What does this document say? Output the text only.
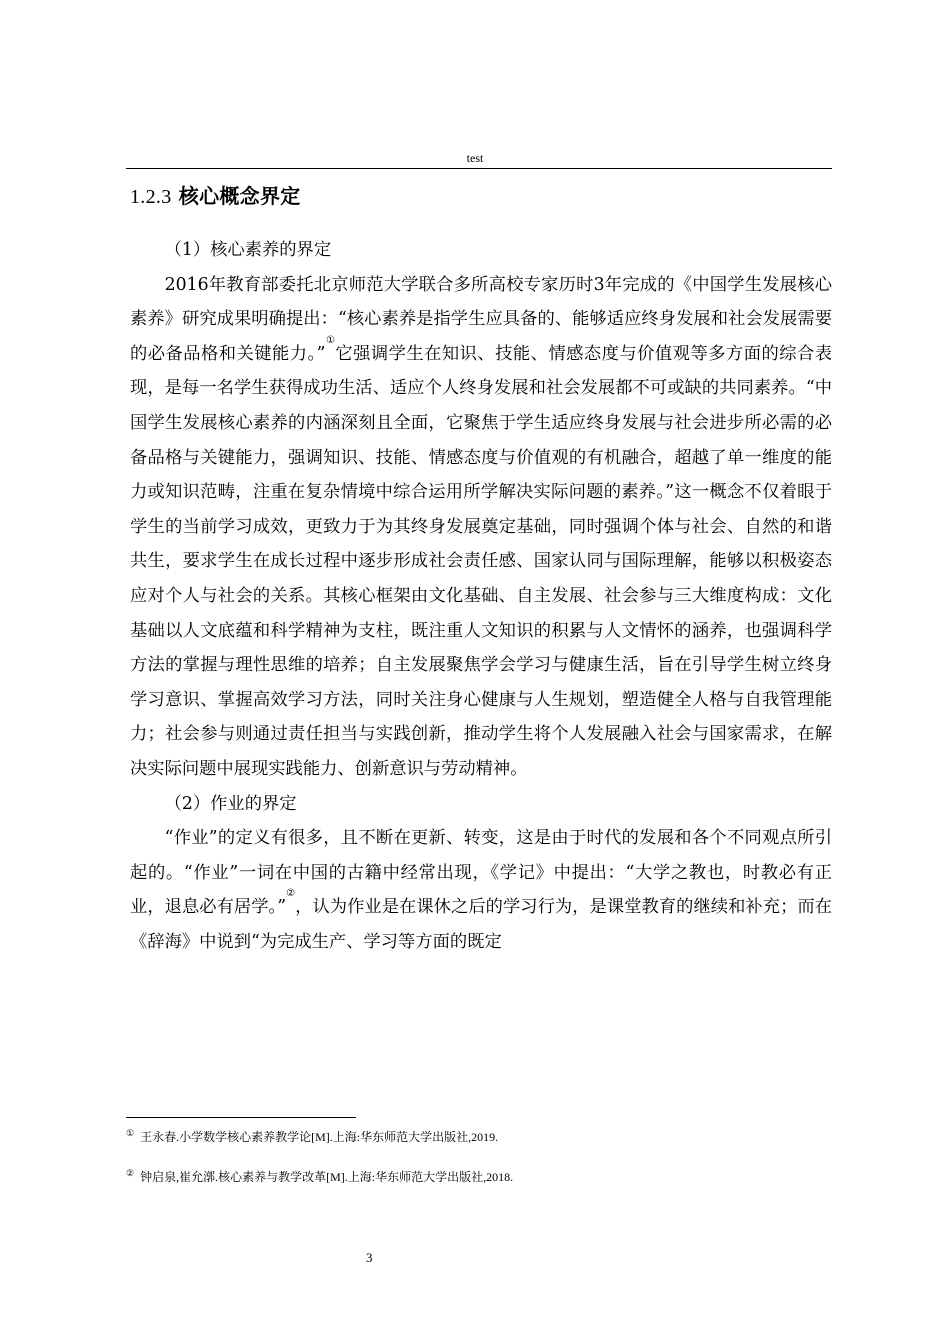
test
1.2.3 核心概念界定

（1）核心素养的界定

2016年教育部委托北京师范大学联合多所高校专家历时3年完成的《中国学生发展核心素养》研究成果明确提出：“核心素养是指学生应具备的、能够适应终身发展和社会发展需要的必备品格和关键能力。”①它强调学生在知识、技能、情感态度与价值观等多方面的综合表现，是每一名学生获得成功生活、适应个人终身发展和社会发展都不可或缺的共同素养。“中国学生发展核心素养的内涵深刻且全面，它聚焦于学生适应终身发展与社会进步所必需的必备品格与关键能力，强调知识、技能、情感态度与价值观的有机融合，超越了单一维度的能力或知识范畴，注重在复杂情境中综合运用所学解决实际问题的素养。”这一概念不仅着眼于学生的当前学习成效，更致力于为其终身发展奠定基础，同时强调个体与社会、自然的和谐共生，要求学生在成长过程中逐步形成社会责任感、国家认同与国际理解，能够以积极姿态应对个人与社会的关系。其核心框架由文化基础、自主发展、社会参与三大维度构成：文化基础以人文底蕴和科学精神为支柱，既注重人文知识的积累与人文情怀的涵养，也强调科学方法的掌握与理性思维的培养；自主发展聚焦学会学习与健康生活，旨在引导学生树立终身学习意识、掌握高效学习方法，同时关注身心健康与人生规划，塑造健全人格与自我管理能力；社会参与则通过责任担当与实践创新，推动学生将个人发展融入社会与国家需求，在解决实际问题中展现实践能力、创新意识与劳动精神。

（2）作业的界定

“作业”的定义有很多，且不断在更新、转变，这是由于时代的发展和各个不同观点所引起的。“作业”一词在中国的古籍中经常出现，《学记》中提出：“大学之教也，时教必有正业，退息必有居学。”②，认为作业是在课休之后的学习行为，是课堂教育的继续和补充；而在《辞海》中说到“为完成生产、学习等方面的既定

① 王永春.小学数学核心素养教学论[M].上海:华东师范大学出版社,2019.
② 钟启泉,崔允漷.核心素养与教学改革[M].上海:华东师范大学出版社,2018.
3
